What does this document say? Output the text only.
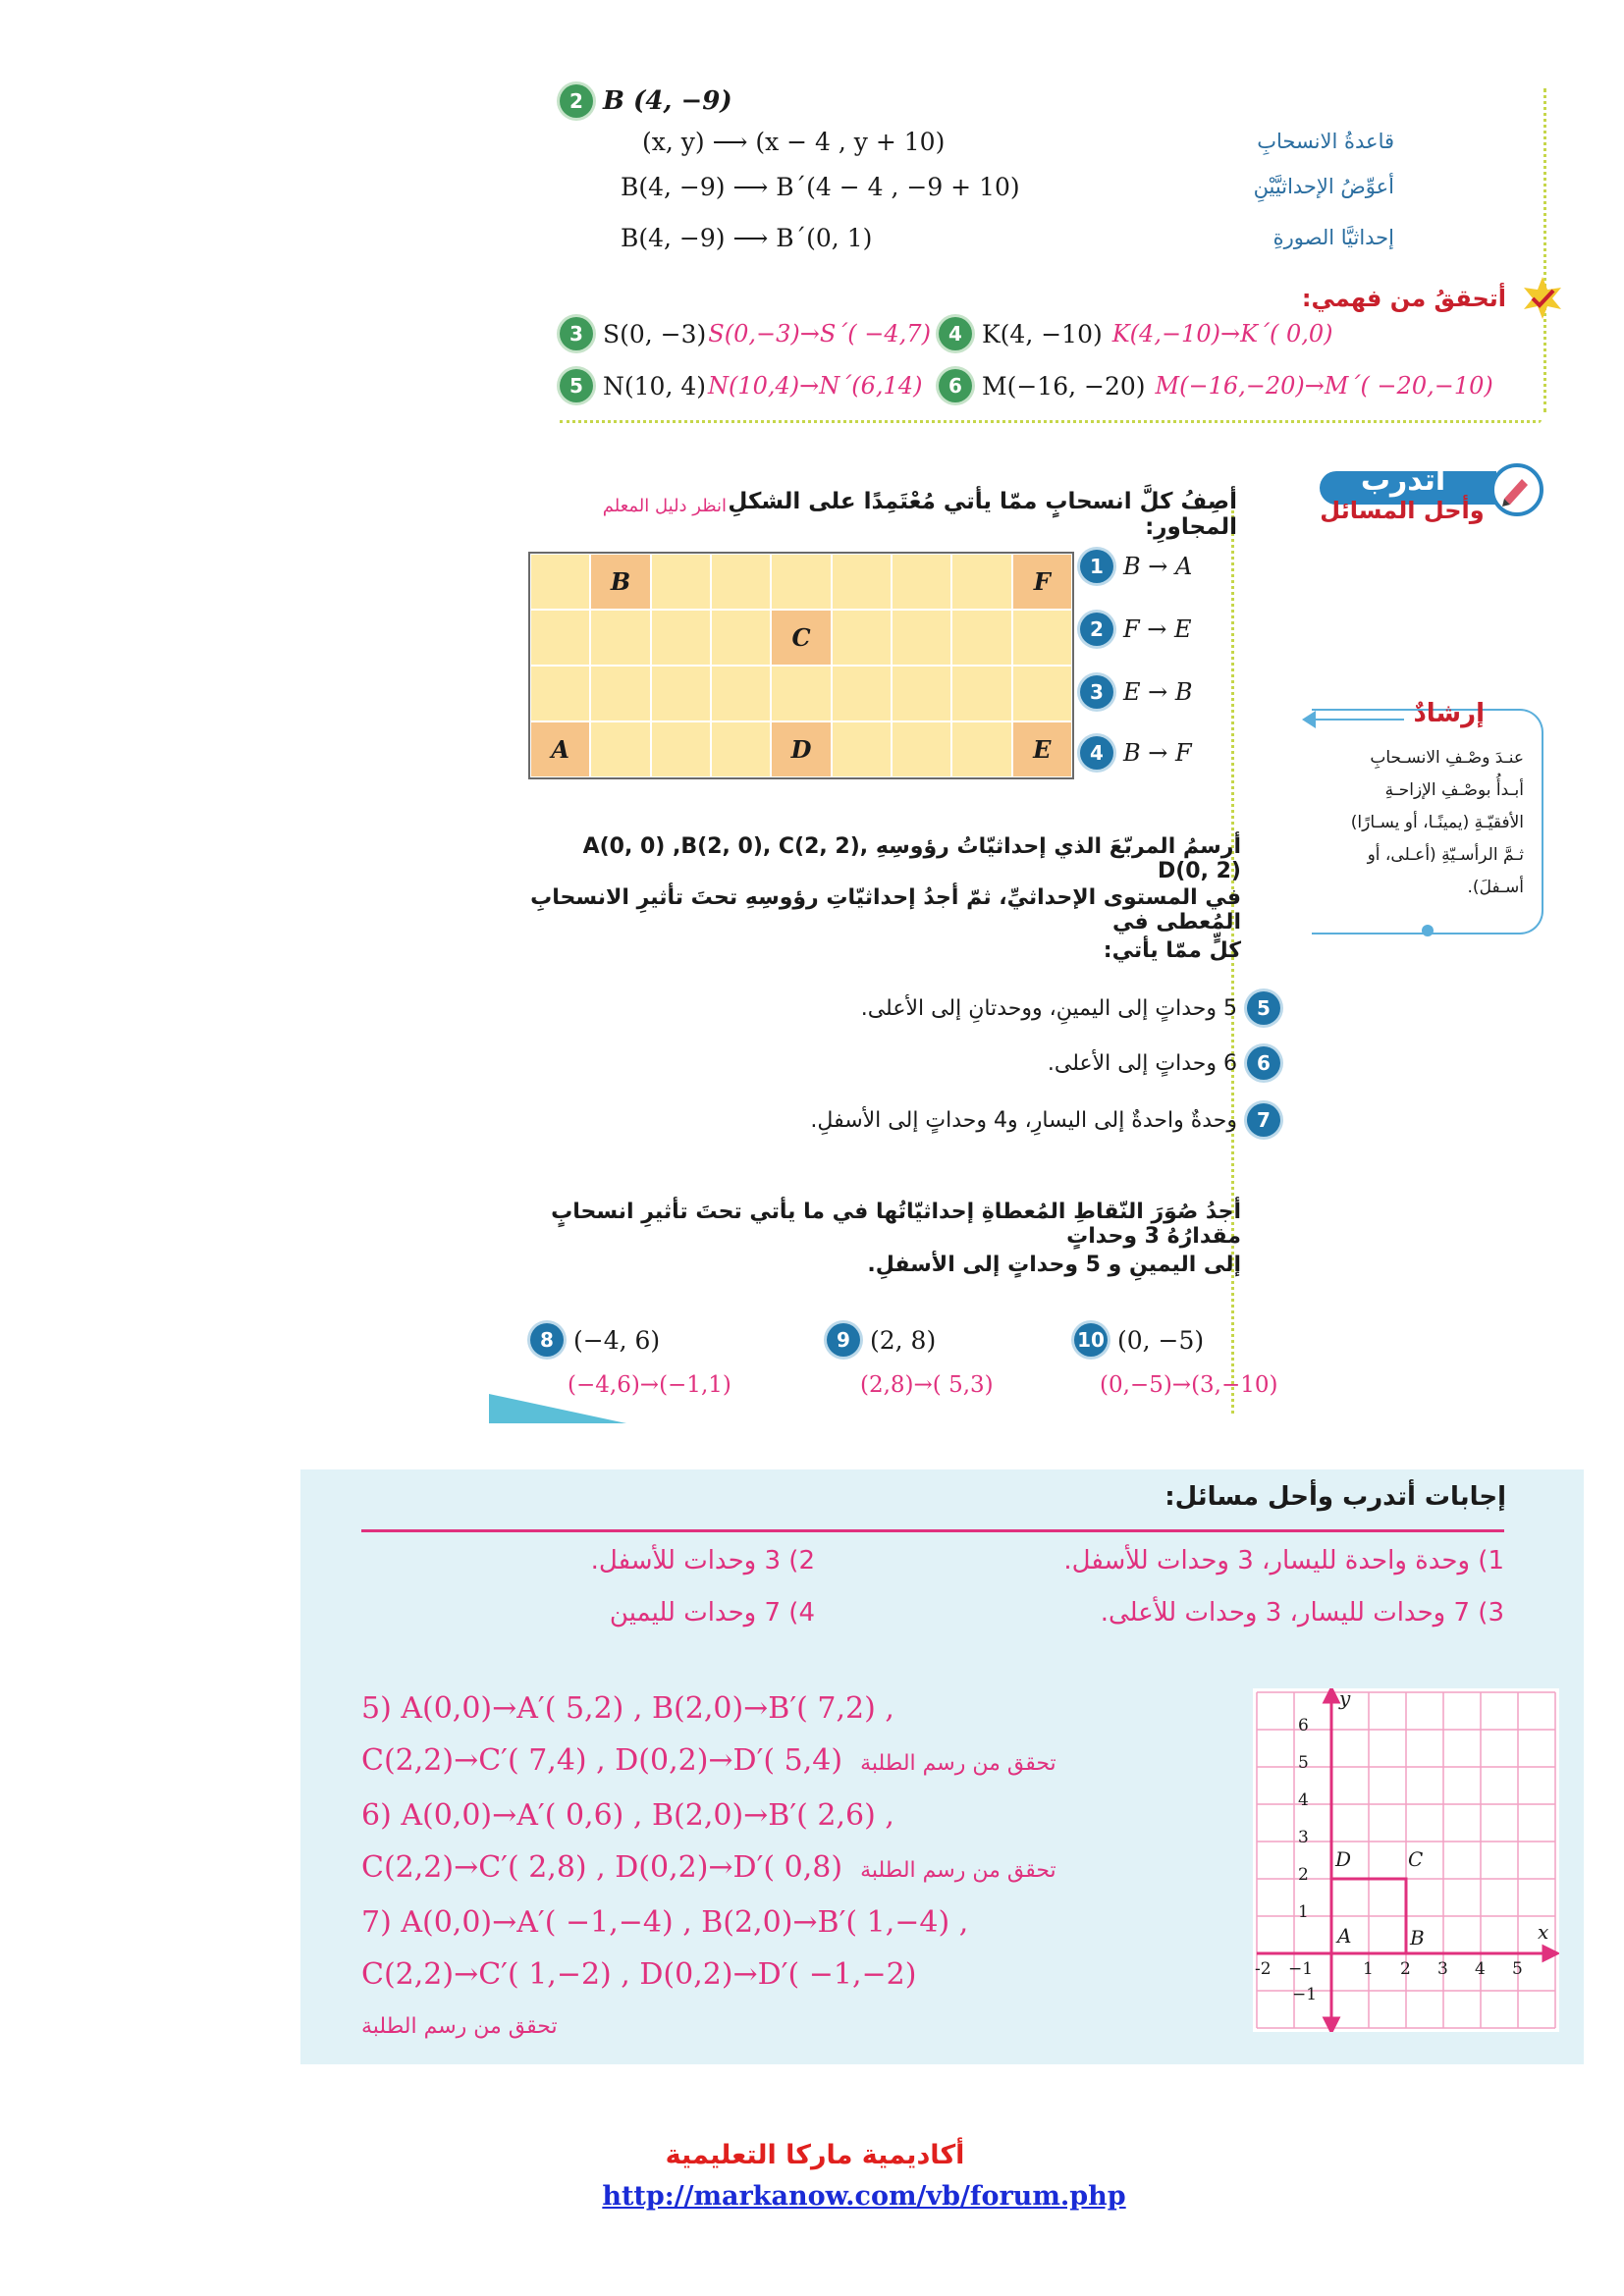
2 B (4, −9)
(x, y) ⟶ (x − 4 , y + 10)
B(4, −9) ⟶ B´(4 − 4 , −9 + 10)
B(4, −9) ⟶ B´(0, 1)
قاعدةُ الانسحابِ
أعوِّضُ الإحداثيَّيْنِ
إحداثيَّا الصورةِ
أتحققُ من فهمي:
3 S(0, −3) S(0,−3)→S´( −4,7) 4 K(4, −10) K(4,−10)→K´( 0,0)
5 N(10, 4) N(10,4)→N´(6,14)	6 M(−16, −20) M(−16,−20)→M´( −20,−10)
أتدرب
وأحل المسائل
أصِفُ كلَّ انسحابٍ ممّا يأتي مُعْتَمِدًا على الشكلِ المجاورِ:
انظر دليل المعلم
B	F
C
A	D	E
1 B → A
2 F → E
3 E → B
4 B → F
إرشادٌ
عنـدَ وصْـفِ الانسـحابِ
أبـدأُ بوصْـفِ الإزاحـةِ
الأفقيّـةِ (يمينًـا، أو يسـارًا)
ثـمَّ الرأسـيّةِ (أعـلى، أو
أسـفلَ).
أرسمُ المربّعَ الذي إحداثيّاتُ رؤوسِهِ A(0, 0) ,B(2, 0), C(2, 2), D(0, 2)
في المستوى الإحداثيِّ، ثمّ أجدُ إحداثيّاتِ رؤوسِهِ تحتَ تأثيرِ الانسحابِ المُعطى في
كلٍّ ممّا يأتي:
5
5 وحداتٍ إلى اليمينِ، ووحدتانِ إلى الأعلى.
6
6 وحداتٍ إلى الأعلى.
7
وحدةٌ واحدةٌ إلى اليسارِ، و4 وحداتٍ إلى الأسفلِ.
أجدُ صُوَرَ النّقاطِ المُعطاةِ إحداثيّاتُها في ما يأتي تحتَ تأثيرِ انسحابٍ مقدارُهُ 3 وحداتٍ
إلى اليمينِ و 5 وحداتٍ إلى الأسفلِ.
8 (−4, 6)
(−4,6)→(−1,1)
9 (2, 8)
(2,8)→( 5,3)
10 (0, −5)
(0,−5)→(3,−10)
إجابات أتدرب وأحل مسائل:
1) وحدة واحدة لليسار، 3 وحدات للأسفل.
2) 3 وحدات للأسفل.
3) 7 وحدات لليسار، 3 وحدات للأعلى.
4) 7 وحدات لليمين
5) A(0,0)→A′( 5,2) , B(2,0)→B′( 7,2) ,
C(2,2)→C′( 7,4) , D(0,2)→D′( 5,4) تحقق من رسم الطلبة
6) A(0,0)→A′( 0,6) , B(2,0)→B′( 2,6) ,
C(2,2)→C′( 2,8) , D(0,2)→D′( 0,8) تحقق من رسم الطلبة
7) A(0,0)→A′( −1,−4) , B(2,0)→B′( 1,−4) ,
C(2,2)→C′( 1,−2) , D(0,2)→D′( −1,−2)
تحقق من رسم الطلبة
y
x
6
5
4
3
2
1
−1
-2 −1	1 2 3 4 5
D	C
A	B
أكاديمية ماركا التعليمية
http://markanow.com/vb/forum.php
